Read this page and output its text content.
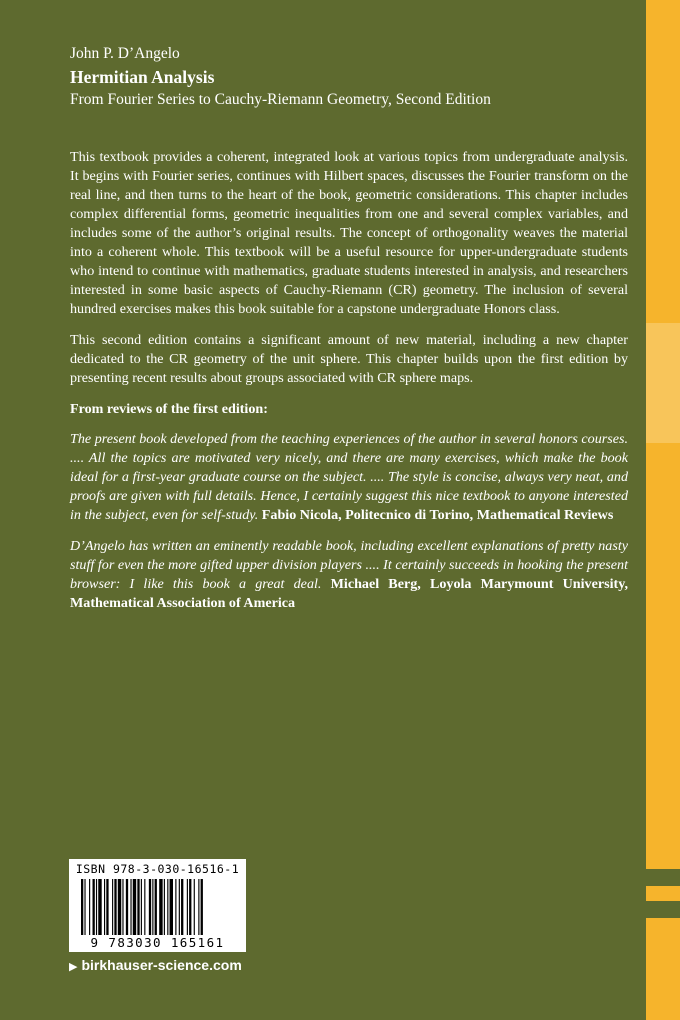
John P. D’Angelo
Hermitian Analysis
From Fourier Series to Cauchy-Riemann Geometry, Second Edition

This textbook provides a coherent, integrated look at various topics from undergraduate analysis. It begins with Fourier series, continues with Hilbert spaces, discusses the Fourier transform on the real line, and then turns to the heart of the book, geometric considerations. This chapter includes complex differential forms, geometric inequalities from one and several complex variables, and includes some of the author’s original results. The concept of orthogonality weaves the material into a coherent whole. This textbook will be a useful resource for upper-undergraduate students who intend to continue with mathematics, graduate students interested in analysis, and researchers interested in some basic aspects of Cauchy-Riemann (CR) geometry. The inclusion of several hundred exercises makes this book suitable for a capstone undergraduate Honors class.

This second edition contains a significant amount of new material, including a new chapter dedicated to the CR geometry of the unit sphere. This chapter builds upon the first edition by presenting recent results about groups associated with CR sphere maps.

From reviews of the first edition:

The present book developed from the teaching experiences of the author in several honors courses. .... All the topics are motivated very nicely, and there are many exercises, which make the book ideal for a first-year graduate course on the subject. .... The style is concise, always very neat, and proofs are given with full details. Hence, I certainly suggest this nice textbook to anyone interested in the subject, even for self-study. Fabio Nicola, Politecnico di Torino, Mathematical Reviews

D’Angelo has written an eminently readable book, including excellent explanations of pretty nasty stuff for even the more gifted upper division players .... It certainly succeeds in hooking the present browser: I like this book a great deal. Michael Berg, Loyola Marymount University, Mathematical Association of America

ISBN 978-3-030-16516-1
9 783030 165161
▶ birkhauser-science.com
